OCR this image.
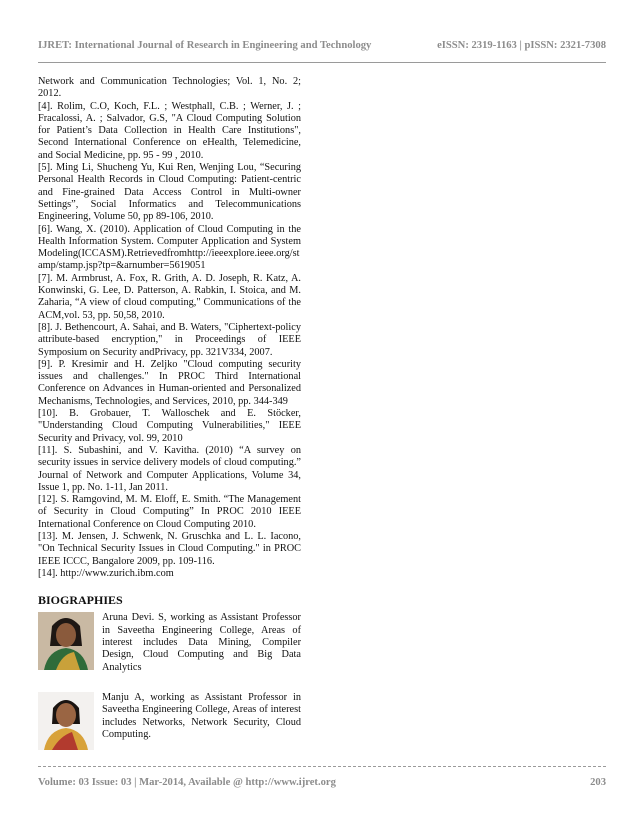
IJRET: International Journal of Research in Engineering and Technology	eISSN: 2319-1163 | pISSN: 2321-7308

Network and Communication Technologies; Vol. 1, No. 2; 2012.

[4]. Rolim, C.O, Koch, F.L. ; Westphall, C.B. ; Werner, J. ; Fracalossi, A. ; Salvador, G.S, "A Cloud Computing Solution for Patient’s Data Collection in Health Care Institutions", Second International Conference on eHealth, Telemedicine, and Social Medicine, pp. 95 - 99 , 2010.

[5]. Ming Li, Shucheng Yu, Kui Ren, Wenjing Lou, “Securing Personal Health Records in Cloud Computing: Patient-centric and Fine-grained Data Access Control in Multi-owner Settings”, Social Informatics and Telecommunications Engineering, Volume 50, pp 89-106, 2010.

[6]. Wang, X. (2010). Application of Cloud Computing in the Health Information System. Computer Application and System Modeling(ICCASM).Retrievedfromhttp://ieeexplore.ieee.org/stamp/stamp.jsp?tp=&arnumber=5619051

[7]. M. Armbrust, A. Fox, R. Grith, A. D. Joseph, R. Katz, A. Konwinski, G. Lee, D. Patterson, A. Rabkin, I. Stoica, and M. Zaharia, “A view of cloud computing," Communications of the ACM,vol. 53, pp. 50,58, 2010.

[8]. J. Bethencourt, A. Sahai, and B. Waters, "Ciphertext-policy attribute-based encryption," in Proceedings of IEEE Symposium on Security andPrivacy, pp. 321V334, 2007.

[9]. P. Kresimir and H. Zeljko "Cloud computing security issues and challenges." In PROC Third International Conference on Advances in Human-oriented and Personalized Mechanisms, Technologies, and Services, 2010, pp. 344-349

[10]. B. Grobauer, T. Walloschek and E. Stöcker, "Understanding Cloud Computing Vulnerabilities," IEEE Security and Privacy, vol. 99, 2010

[11]. S. Subashini, and V. Kavitha. (2010) “A survey on security issues in service delivery models of cloud computing.” Journal of Network and Computer Applications, Volume 34, Issue 1, pp. No. 1-11, Jan 2011.

[12]. S. Ramgovind, M. M. Eloff, E. Smith. “The Management of Security in Cloud Computing” In PROC 2010 IEEE International Conference on Cloud Computing 2010.

[13]. M. Jensen, J. Schwenk, N. Gruschka and L. L. Iacono, "On Technical Security Issues in Cloud Computing." in PROC IEEE ICCC, Bangalore 2009, pp. 109-116.

[14]. http://www.zurich.ibm.com

BIOGRAPHIES
Aruna Devi. S, working as Assistant Professor in Saveetha Engineering College, Areas of interest includes Data Mining, Compiler Design, Cloud Computing and Big Data Analytics
Manju A, working as Assistant Professor in Saveetha Engineering College, Areas of interest includes Networks, Network Security, Cloud Computing.
Volume: 03 Issue: 03 | Mar-2014, Available @ http://www.ijret.org	203
